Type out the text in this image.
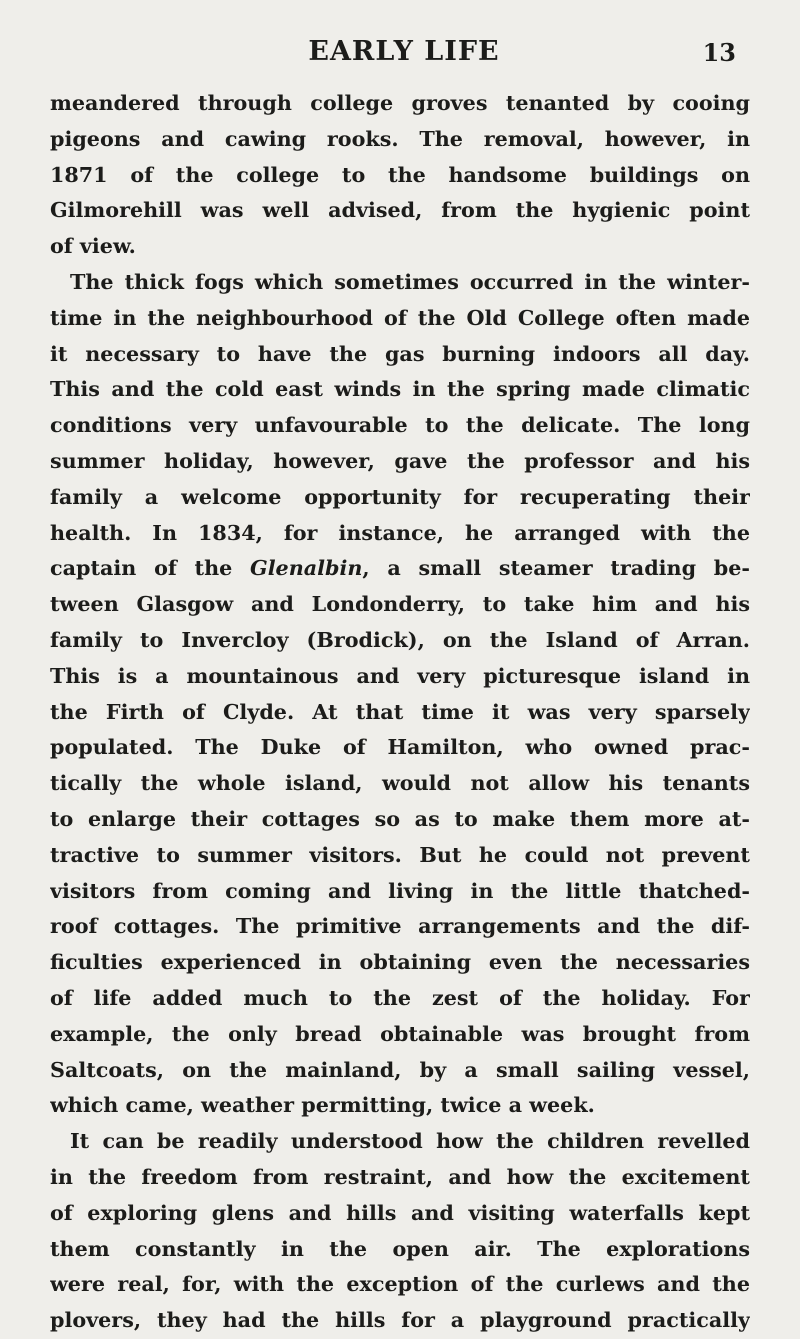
EARLY LIFE	13
meandered through college groves tenanted by cooing
pigeons and cawing rooks. The removal, however, in
1871 of the college to the handsome buildings on
Gilmorehill was well advised, from the hygienic point
of view.
The thick fogs which sometimes occurred in the winter-
time in the neighbourhood of the Old College often made
it necessary to have the gas burning indoors all day.
This and the cold east winds in the spring made climatic
conditions very unfavourable to the delicate. The long
summer holiday, however, gave the professor and his
family a welcome opportunity for recuperating their
health. In 1834, for instance, he arranged with the
captain of the Glenalbin, a small steamer trading be-
tween Glasgow and Londonderry, to take him and his
family to Invercloy (Brodick), on the Island of Arran.
This is a mountainous and very picturesque island in
the Firth of Clyde. At that time it was very sparsely
populated. The Duke of Hamilton, who owned prac-
tically the whole island, would not allow his tenants
to enlarge their cottages so as to make them more at-
tractive to summer visitors. But he could not prevent
visitors from coming and living in the little thatched-
roof cottages. The primitive arrangements and the dif-
ficulties experienced in obtaining even the necessaries
of life added much to the zest of the holiday. For
example, the only bread obtainable was brought from
Saltcoats, on the mainland, by a small sailing vessel,
which came, weather permitting, twice a week.
It can be readily understood how the children revelled
in the freedom from restraint, and how the excitement
of exploring glens and hills and visiting waterfalls kept
them constantly in the open air. The explorations
were real, for, with the exception of the curlews and the
plovers, they had the hills for a playground practically
